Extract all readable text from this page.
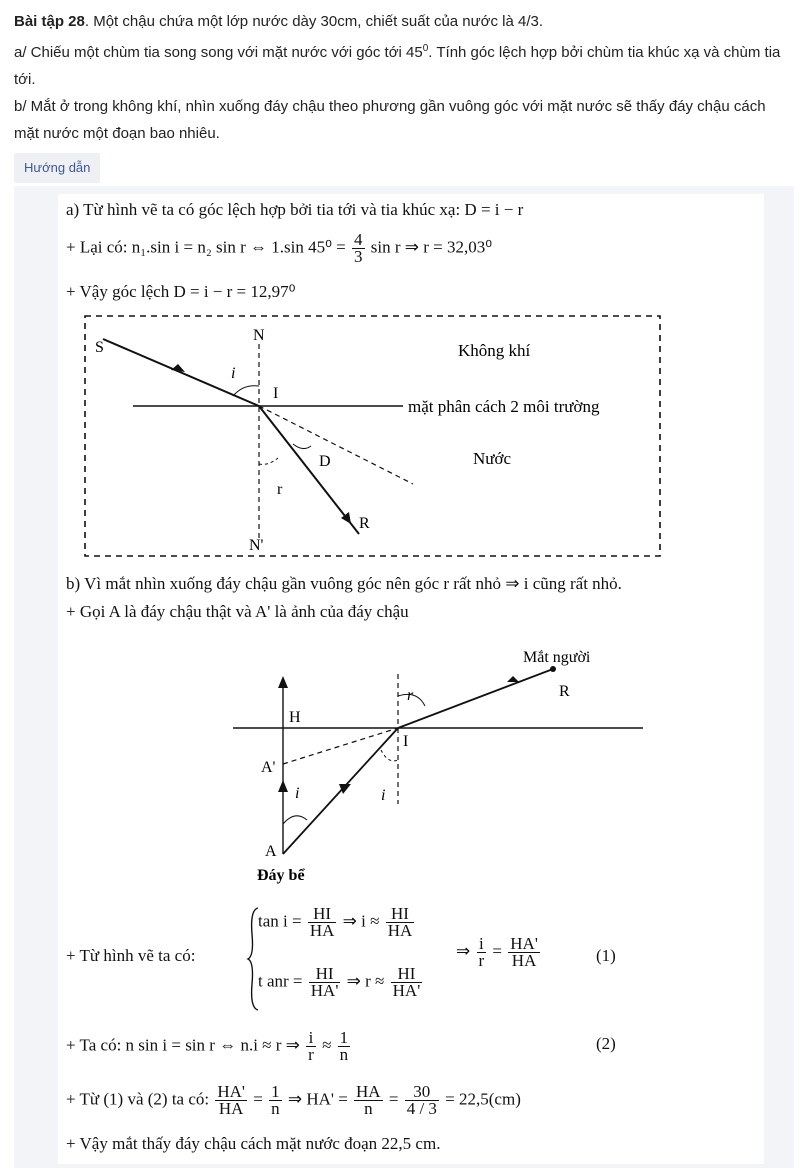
Bài tập 28. Một chậu chứa một lớp nước dày 30cm, chiết suất của nước là 4/3.
a/ Chiếu một chùm tia song song với mặt nước với góc tới $45^0$. Tính góc lệch hợp bởi chùm tia khúc xạ và chùm tia tới.
b/ Mắt ở trong không khí, nhìn xuống đáy chậu theo phương gần vuông góc với mặt nước sẽ thấy đáy chậu cách mặt nước một đoạn bao nhiêu.
Hướng dẫn
a) Từ hình vẽ ta có góc lệch hợp bởi tia tới và tia khúc xạ: D = i − r
+ Lại có: n₁.sin i = n₂ sin r ⇔ 1.sin $45^0 = \frac{4}{3}$ sin r ⇒ r = 32,03⁰
+ Vậy góc lệch D = i − r = 12,97⁰
S
N
I
i
D
r
R
N'
Không khí
mặt phân cách 2 môi trường
Nước
b) Vì mắt nhìn xuống đáy chậu gần vuông góc nên góc r rất nhỏ ⇒ i cũng rất nhỏ.
+ Gọi A là đáy chậu thật và A' là ảnh của đáy chậu
Mắt người
R
r
H
I
A'
i	i
A
Đáy bể
+ Từ hình vẽ ta có:
$\tan i = \frac{HI}{HA}$ ⇒ $i \approx \frac{HI}{HA}$
t anr = $\frac{HI}{HA'}$ ⇒ $r \approx \frac{HI}{HA'}$
⇒ $\frac{i}{r} = \frac{HA'}{HA}$	(1)
+ Ta có: n sin i = sin r ⇔ n.i ≈ r ⇒ $\frac{i}{r} \approx \frac{1}{n}$	(2)
+ Từ (1) và (2) ta có: $\frac{HA'}{HA} = \frac{1}{n}$ ⇒ $HA' = \frac{HA}{n} = \frac{30}{4 / 3} = 22,5(cm)$
+ Vậy mắt thấy đáy chậu cách mặt nước đoạn 22,5 cm.
